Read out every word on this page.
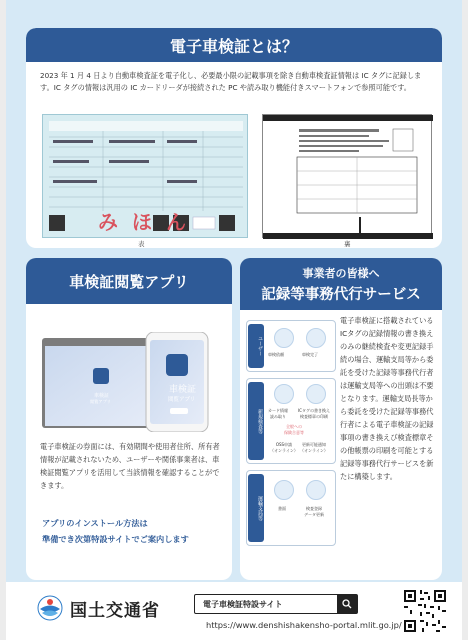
電子車検証とは？
2023 年 1 月 4 日より自動車検査証を電子化し、必要最小限の記載事項を除き自動車検査証情報は IC タグに記録します。IC タグの情報は汎用の IC カードリーダが接続された PC や読み取り機能付きスマートフォンで参照可能です。
みほん
表	裏
車検証閲覧アプリ
車検証
閲覧アプリ
車検証
閲覧アプリ
電子車検証の券面には、有効期間や使用者住所、所有者情報が記載されないため、ユーザーや関係事業者は、車検証閲覧アプリを活用して当該情報を確認することができます。
アプリのインストール方法は
準備でき次第特設サイトでご案内します
事業者の皆様へ
記録等事務代行サービス
ユーザー
新規検査等
運輸支局等
車検依頼	車検完了
カード情報
読み取り
ICタグの書き換え
検査標章の印刷
全般への
保険合意等
OSS申請
（オンライン）
更新可能通知
（オンライン）
書面	検査登録
データ更新
電子車検証に搭載されているICタグの記録情報の書き換えのみの継続検査や変更記録手続の場合、運輸支局等から委託を受けた記録等事務代行者は運輸支局等への出頭は不要となります。運輸支局長等から委託を受けた記録等事務代行者による電子車検証の記録事項の書き換えび検査標章その他帳票の印刷を可能とする記録等事務代行サービスを新たに構築します。
国土交通省	電子車検証特設サイト
https://www.denshishakensho-portal.mlit.go.jp/
